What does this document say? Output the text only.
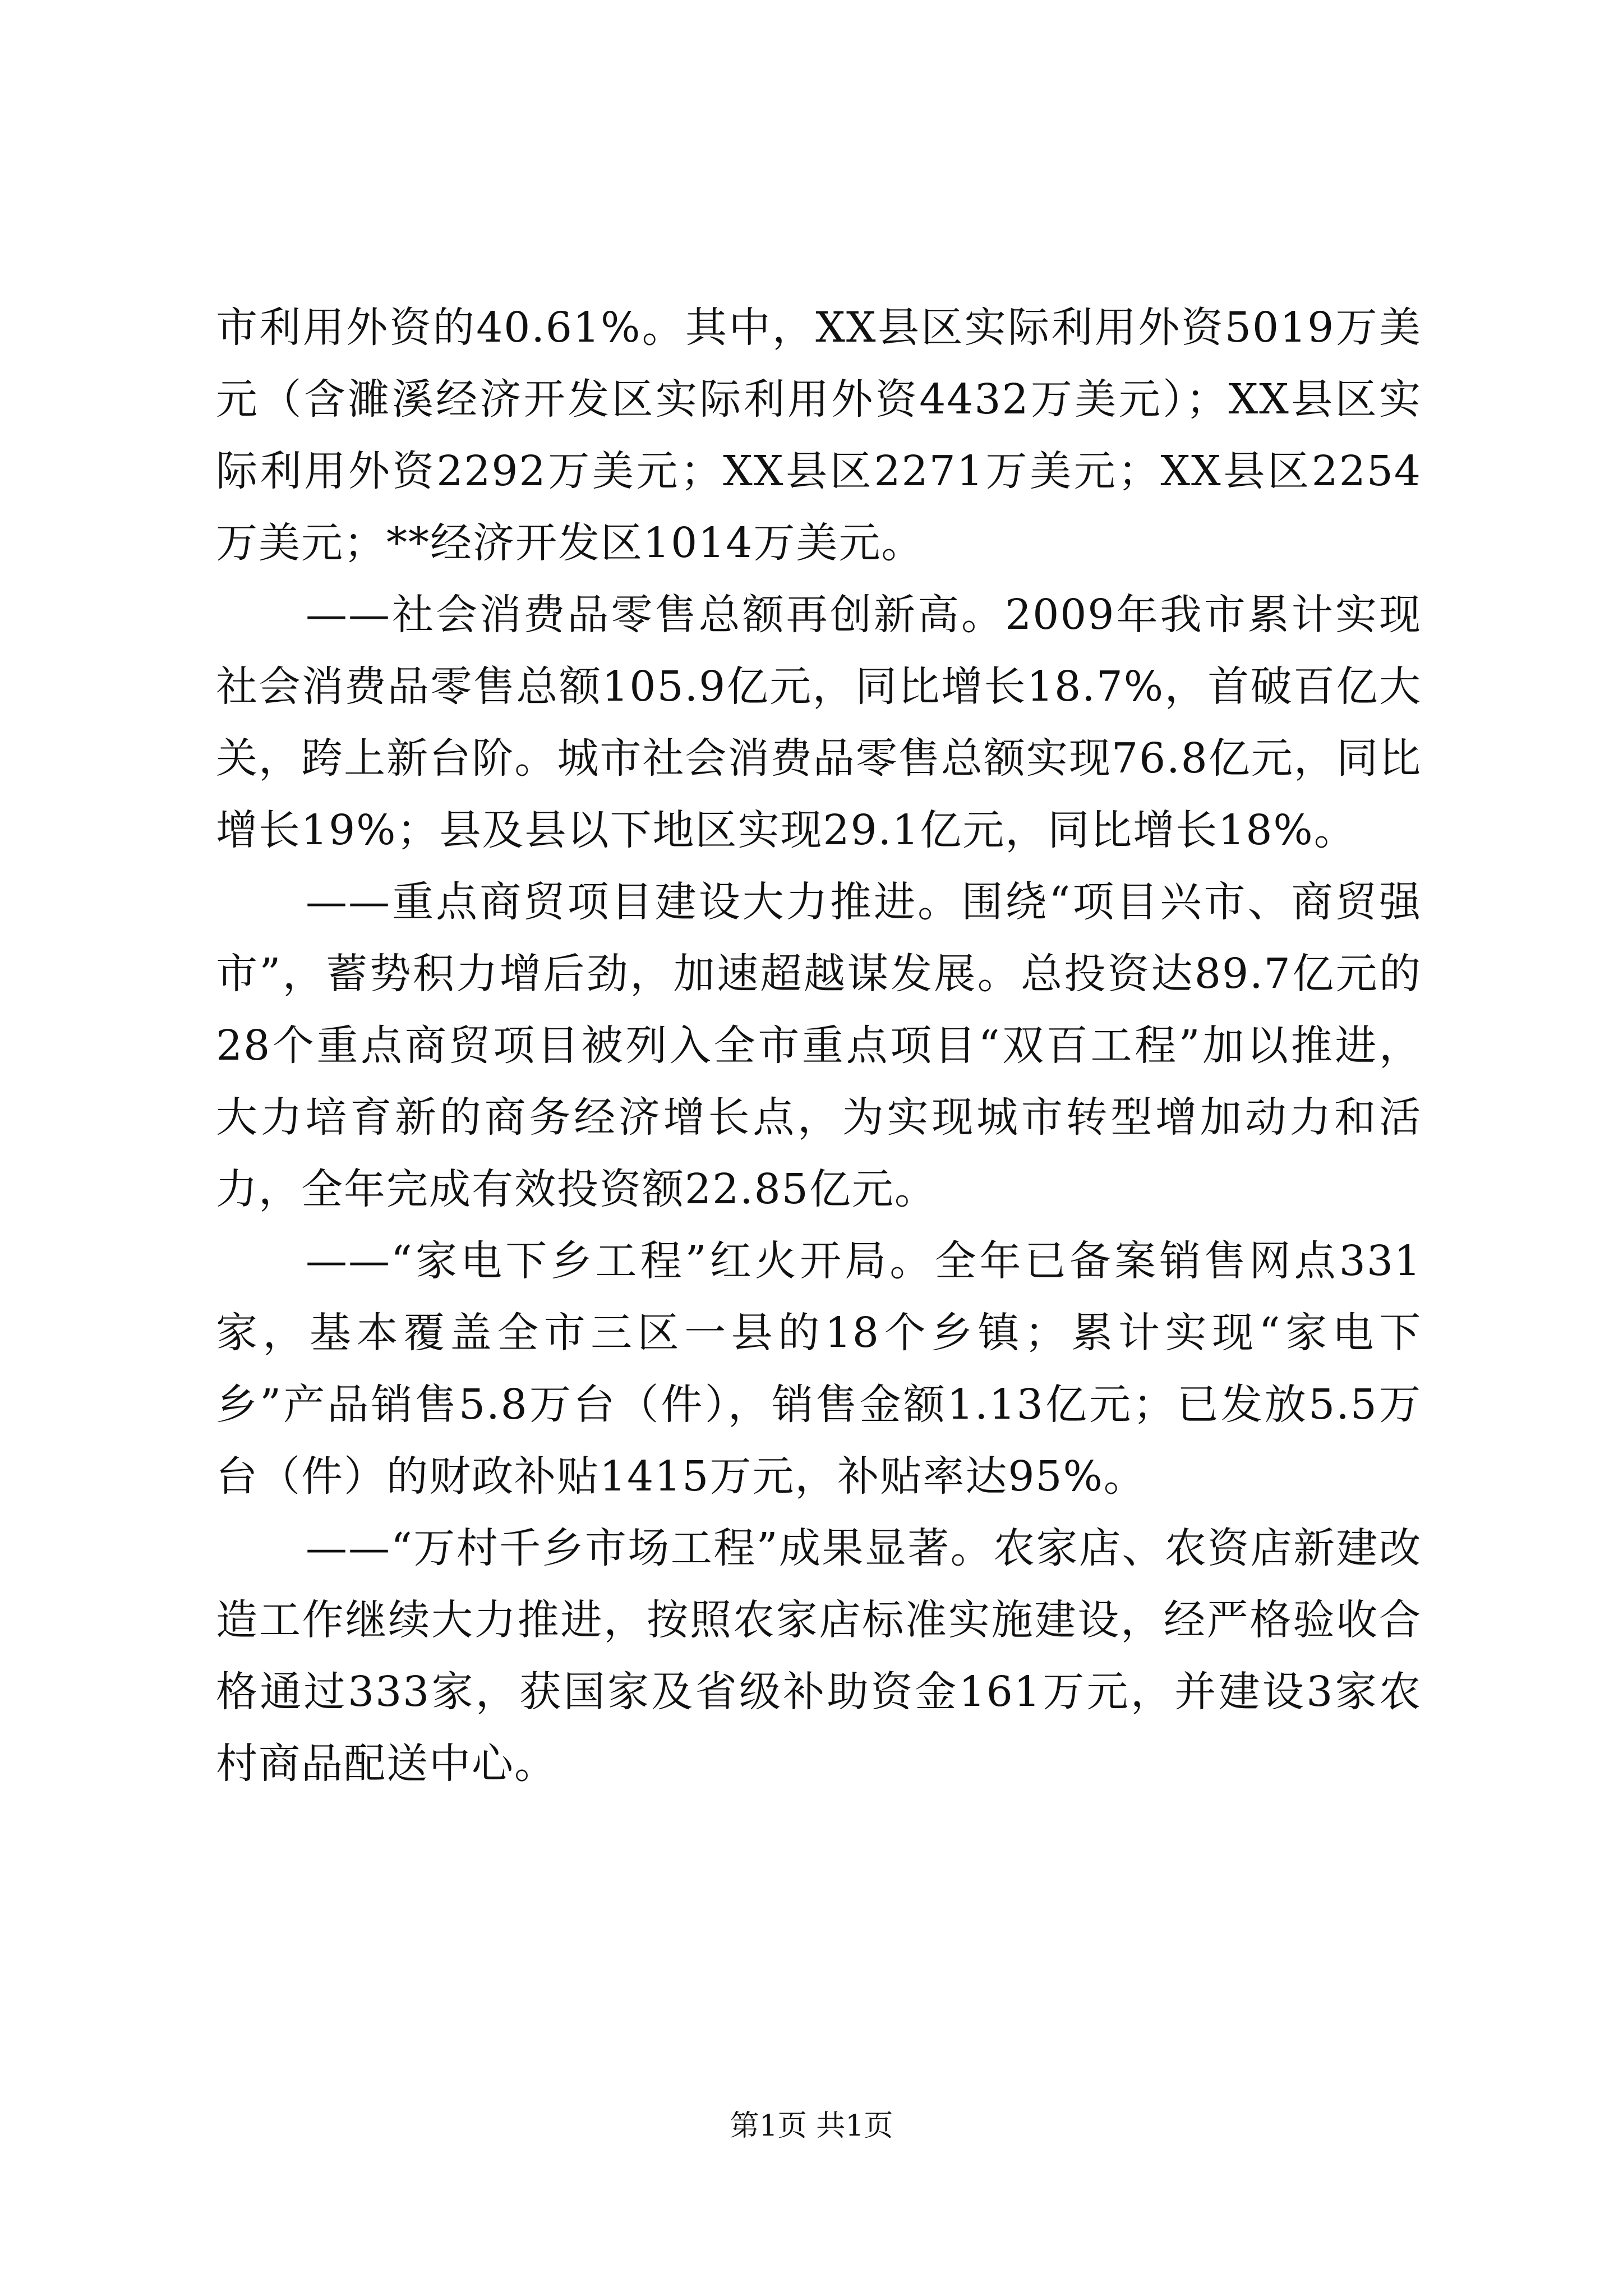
市利用外资的40.61%。其中，XX县区实际利用外资5019万美元（含濉溪经济开发区实际利用外资4432万美元）；XX县区实际利用外资2292万美元；XX县区2271万美元；XX县区2254万美元；**经济开发区1014万美元。

——社会消费品零售总额再创新高。2009年我市累计实现社会消费品零售总额105.9亿元，同比增长18.7%，首破百亿大关，跨上新台阶。城市社会消费品零售总额实现76.8亿元，同比增长19%；县及县以下地区实现29.1亿元，同比增长18%。

——重点商贸项目建设大力推进。围绕“项目兴市、商贸强市”，蓄势积力增后劲，加速超越谋发展。总投资达89.7亿元的28个重点商贸项目被列入全市重点项目“双百工程”加以推进，大力培育新的商务经济增长点，为实现城市转型增加动力和活力，全年完成有效投资额22.85亿元。

——“家电下乡工程”红火开局。全年已备案销售网点331家，基本覆盖全市三区一县的18个乡镇；累计实现“家电下乡”产品销售5.8万台（件），销售金额1.13亿元；已发放5.5万台（件）的财政补贴1415万元，补贴率达95%。

——“万村千乡市场工程”成果显著。农家店、农资店新建改造工作继续大力推进，按照农家店标准实施建设，经严格验收合格通过333家，获国家及省级补助资金161万元，并建设3家农村商品配送中心。

第1页 共1页
